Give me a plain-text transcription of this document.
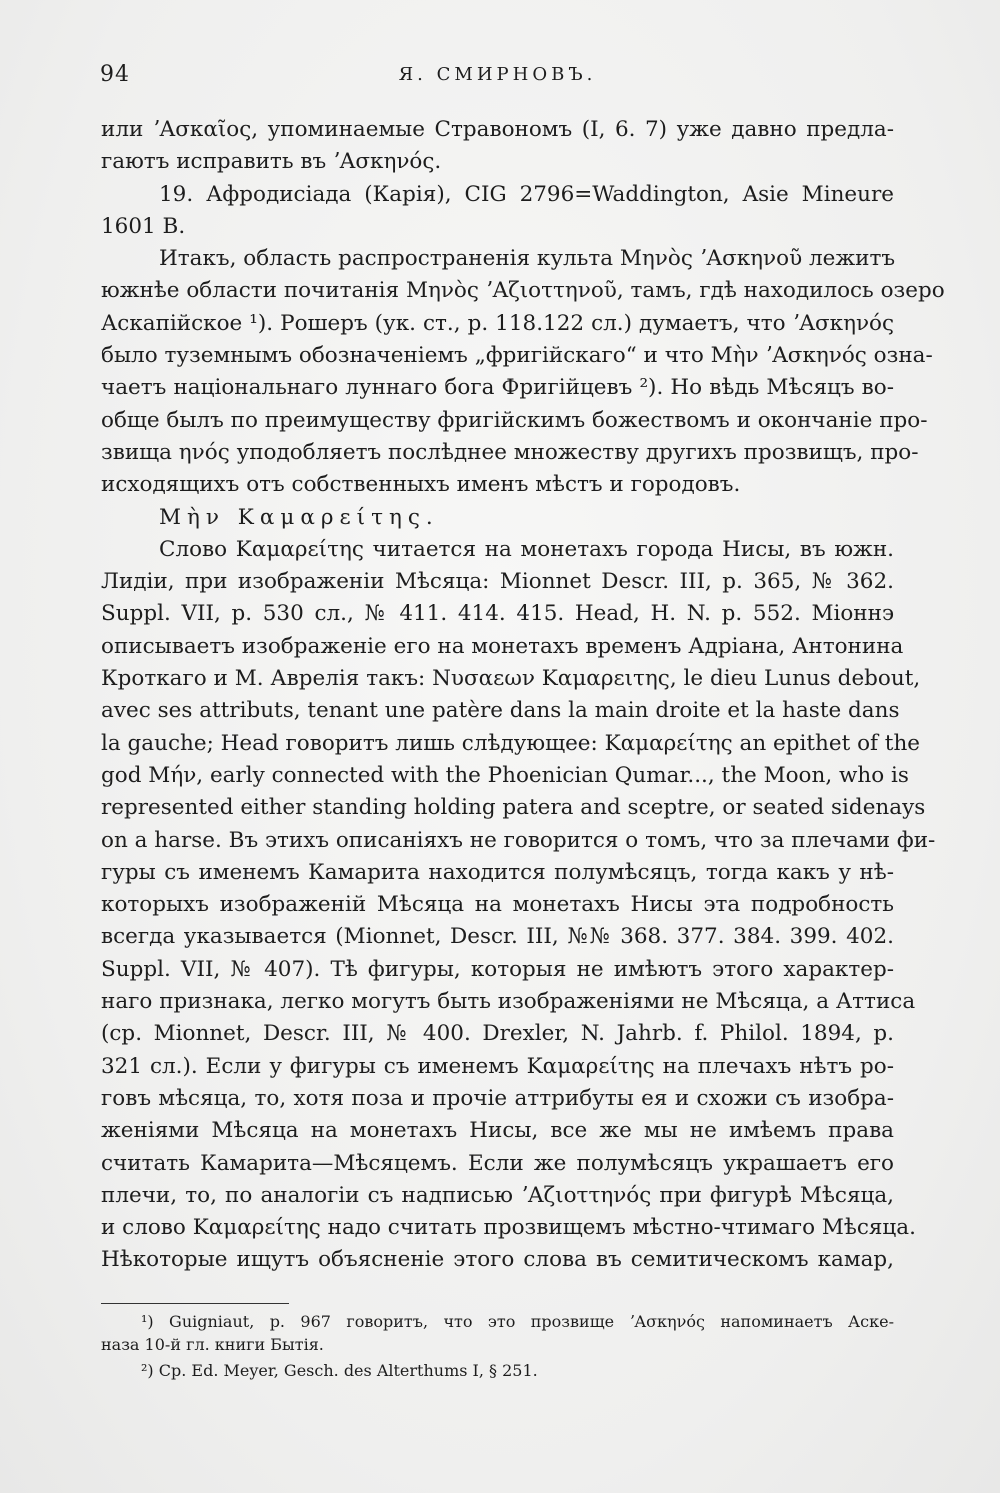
94	Я. СМИРНОВЪ.
или ʼΑσκαῖος, упоминаемые Стравономъ (I, 6. 7) уже давно предла-
гаютъ исправить въ ʼΑσκηνός.
19. Афродисiада (Карiя), CIG 2796=Waddington, Asie Mineure
1601 B.
Итакъ, область распространенiя культа Μηνὸς ʼΑσκηνοῦ лежитъ
южнѣе области почитанiя Μηνὸς ʼΑζιοττηνοῦ, тамъ, гдѣ находилось озеро
Аскапiйское ¹). Рошеръ (ук. ст., р. 118.122 сл.) думаетъ, что ʼΑσκηνός
было туземнымъ обозначенiемъ „фригiйскаго“ и что Μὴν ʼΑσκηνός озна-
чаетъ нацiональнаго луннаго бога Фригiйцевъ ²). Но вѣдь Мѣсяцъ во-
обще былъ по преимуществу фригiйскимъ божествомъ и окончанiе про-
звища ηνός уподобляетъ послѣднее множеству другихъ прозвищъ, про-
исходящихъ отъ собственныхъ именъ мѣстъ и городовъ.
Μὴν Καμαρείτης.
Слово Καμαρείτης читается на монетахъ города Нисы, въ южн.
Лидiи, при изображенiи Мѣсяца: Mionnet Descr. III, p. 365, № 362.
Suppl. VII, p. 530 сл., № 411. 414. 415. Head, H. N. p. 552. Мiоннэ
описываетъ изображенiе его на монетахъ временъ Адрiана, Антонина
Кроткаго и М. Аврелiя такъ: Νυσαεων Καμαρειτης, le dieu Lunus debout,
avec ses attributs, tenant une patère dans la main droite et la haste dans
la gauche; Head говоритъ лишь слѣдующее: Καμαρείτης an epithet of the
god Μήν, early connected with the Phoenician Qumar..., the Moon, who is
represented either standing holding patera and sceptre, or seated sidenays
on a harse. Въ этихъ описанiяхъ не говорится о томъ, что за плечами фи-
гуры съ именемъ Камарита находится полумѣсяцъ, тогда какъ у нѣ-
которыхъ изображенiй Мѣсяца на монетахъ Нисы эта подробность
всегда указывается (Mionnet, Descr. III, №№ 368. 377. 384. 399. 402.
Suppl. VII, № 407). Тѣ фигуры, которыя не имѣютъ этого характер-
наго признака, легко могутъ быть изображенiями не Мѣсяца, а Аттиса
(ср. Mionnet, Descr. III, № 400. Drexler, N. Jahrb. f. Philol. 1894, p.
321 сл.). Если у фигуры съ именемъ Καμαρείτης на плечахъ нѣтъ ро-
говъ мѣсяца, то, хотя поза и прочiе аттрибуты ея и схожи съ изобра-
женiями Мѣсяца на монетахъ Нисы, все же мы не имѣемъ права
считать Камарита—Мѣсяцемъ. Если же полумѣсяцъ украшаетъ его
плечи, то, по аналогiи съ надписью ʼΑζιοττηνός при фигурѣ Мѣсяца,
и слово Καμαρείτης надо считать прозвищемъ мѣстно-чтимаго Мѣсяца.
Нѣкоторые ищутъ объясненiе этого слова въ семитическомъ камар,
¹) Guigniaut, p. 967 говоритъ, что это прозвище ʼΑσκηνός напоминаетъ Аске-
наза 10-й гл. книги Бытiя.
²) Ср. Ed. Meyer, Gesch. des Alterthums I, § 251.
